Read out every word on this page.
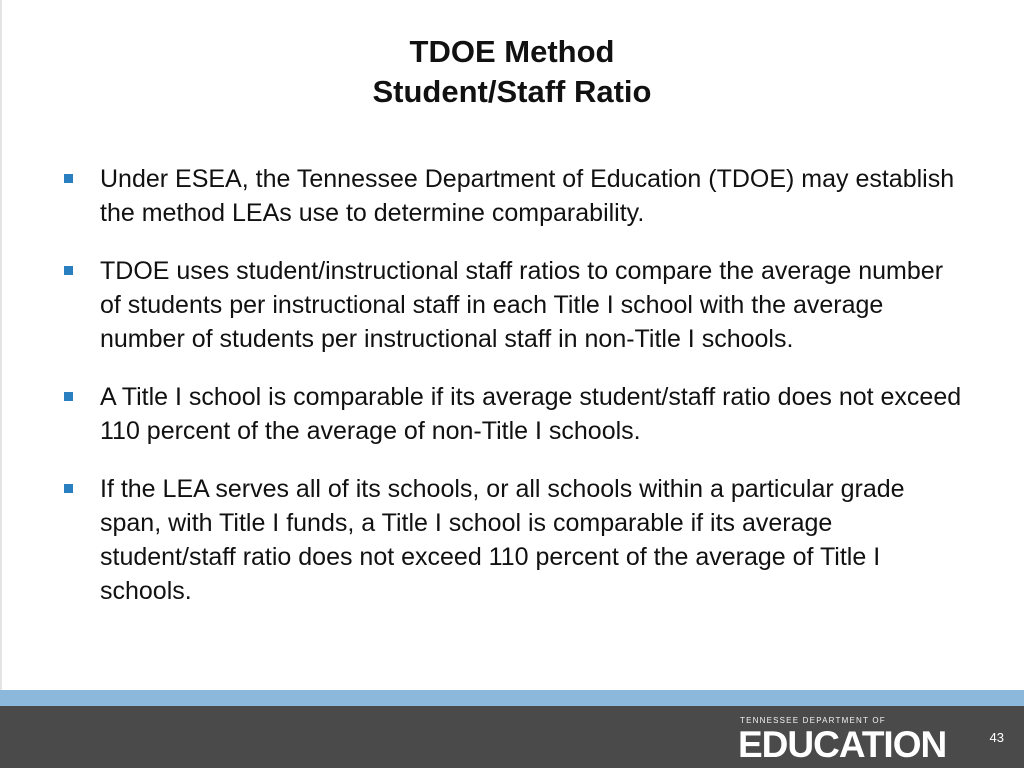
TDOE Method
Student/Staff Ratio
Under ESEA, the Tennessee Department of Education (TDOE) may establish the method LEAs use to determine comparability.
TDOE uses student/instructional staff ratios to compare the average number of students per instructional staff in each Title I school with the average number of students per instructional staff in non-Title I schools.
A Title I school is comparable if its average student/staff ratio does not exceed 110 percent of the average of non-Title I schools.
If the LEA serves all of its schools, or all schools within a particular grade span, with Title I funds, a Title I school is comparable if its average student/staff ratio does not exceed 110 percent of the average of Title I schools.
TENNESSEE DEPARTMENT OF
EDUCATION	43
